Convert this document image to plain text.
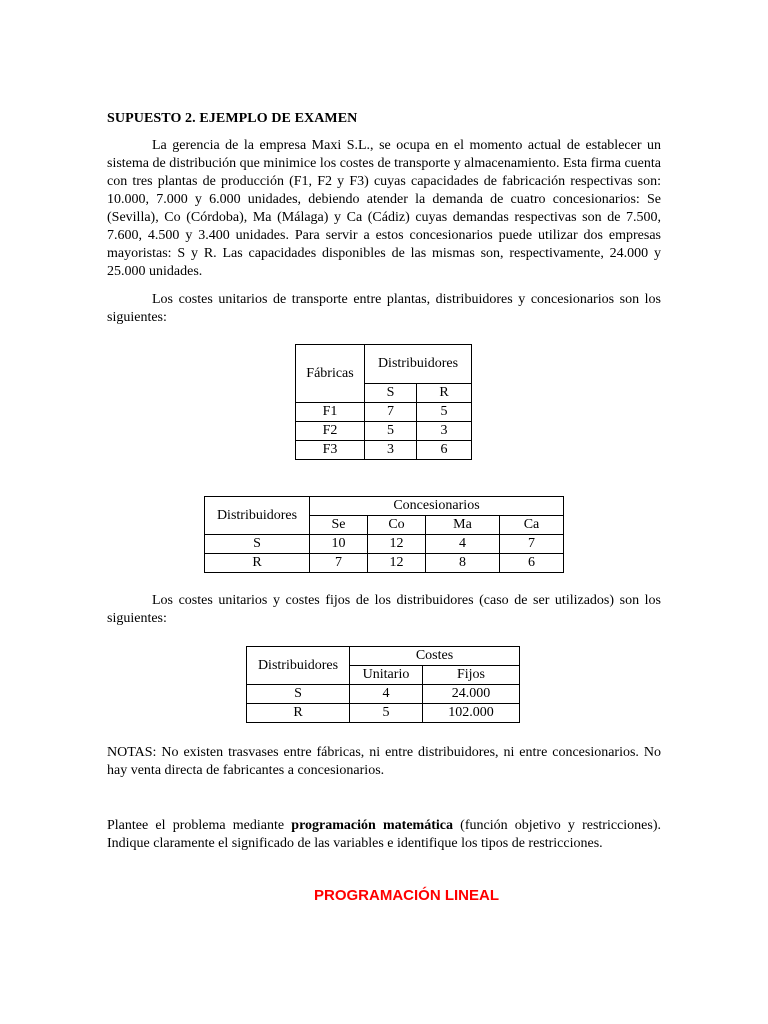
SUPUESTO 2. EJEMPLO DE EXAMEN

La gerencia de la empresa Maxi S.L., se ocupa en el momento actual de establecer un sistema de distribución que minimice los costes de transporte y almacenamiento. Esta firma cuenta con tres plantas de producción (F1, F2 y F3) cuyas capacidades de fabricación respectivas son: 10.000, 7.000 y 6.000 unidades, debiendo atender la demanda de cuatro concesionarios: Se (Sevilla), Co (Córdoba), Ma (Málaga) y Ca (Cádiz) cuyas demandas respectivas son de 7.500, 7.600, 4.500 y 3.400 unidades. Para servir a estos concesionarios puede utilizar dos empresas mayoristas: S y R. Las capacidades disponibles de las mismas son, respectivamente, 24.000 y 25.000 unidades.

Los costes unitarios de transporte entre plantas, distribuidores y concesionarios son los siguientes:

Fábricas	Distribuidores	
	S	R
F1	7	5
F2	5	3
F3	3	6
Distribuidores	Concesionarios			
	Se	Co	Ma	Ca
S	10	12	4	7
R	7	12	8	6

Los costes unitarios y costes fijos de los distribuidores (caso de ser utilizados) son los siguientes:

Distribuidores	Costes	
	Unitario	Fijos
S	4	24.000
R	5	102.000

NOTAS: No existen trasvases entre fábricas, ni entre distribuidores, ni entre concesionarios. No hay venta directa de fabricantes a concesionarios.

Plantee el problema mediante programación matemática (función objetivo y restricciones). Indique claramente el significado de las variables e identifique los tipos de restricciones.

PROGRAMACIÓN LINEAL
